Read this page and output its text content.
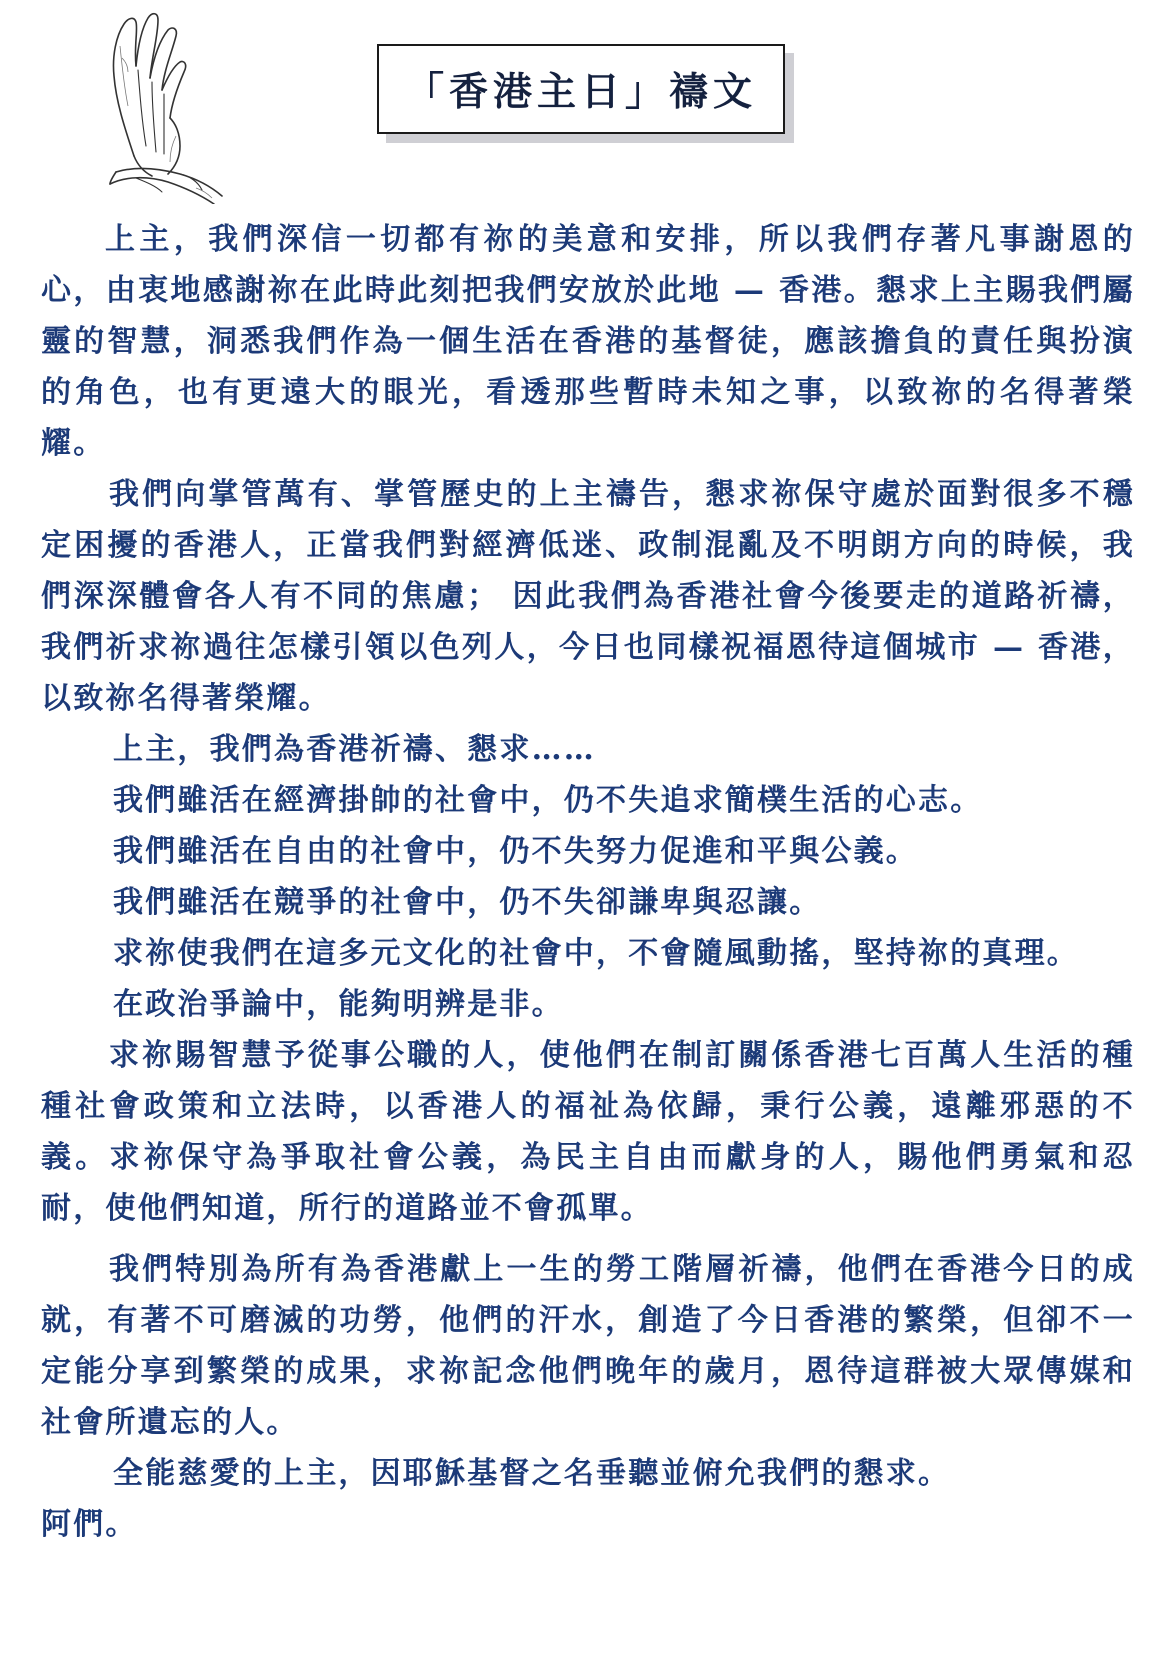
「香港主日」禱文

上主，我們深信一切都有祢的美意和安排，所以我們存著凡事謝恩的心，由衷地感謝祢在此時此刻把我們安放於此地 — 香港。懇求上主賜我們屬靈的智慧，洞悉我們作為一個生活在香港的基督徒，應該擔負的責任與扮演的角色，也有更遠大的眼光，看透那些暫時未知之事，以致祢的名得著榮耀。

我們向掌管萬有、掌管歷史的上主禱告，懇求祢保守處於面對很多不穩定困擾的香港人，正當我們對經濟低迷、政制混亂及不明朗方向的時候，我們深深體會各人有不同的焦慮； 因此我們為香港社會今後要走的道路祈禱，我們祈求祢過往怎樣引領以色列人，今日也同樣祝福恩待這個城市 — 香港，以致祢名得著榮耀。

上主，我們為香港祈禱、懇求……

我們雖活在經濟掛帥的社會中，仍不失追求簡樸生活的心志。

我們雖活在自由的社會中，仍不失努力促進和平與公義。

我們雖活在競爭的社會中，仍不失卻謙卑與忍讓。

求祢使我們在這多元文化的社會中，不會隨風動搖，堅持祢的真理。

在政治爭論中，能夠明辨是非。

求祢賜智慧予從事公職的人，使他們在制訂關係香港七百萬人生活的種種社會政策和立法時，以香港人的福祉為依歸，秉行公義，遠離邪惡的不義。求祢保守為爭取社會公義，為民主自由而獻身的人，賜他們勇氣和忍耐，使他們知道，所行的道路並不會孤單。

我們特別為所有為香港獻上一生的勞工階層祈禱，他們在香港今日的成就，有著不可磨滅的功勞，他們的汗水，創造了今日香港的繁榮，但卻不一定能分享到繁榮的成果，求祢記念他們晚年的歲月，恩待這群被大眾傳媒和社會所遺忘的人。

全能慈愛的上主，因耶穌基督之名垂聽並俯允我們的懇求。

阿們。
